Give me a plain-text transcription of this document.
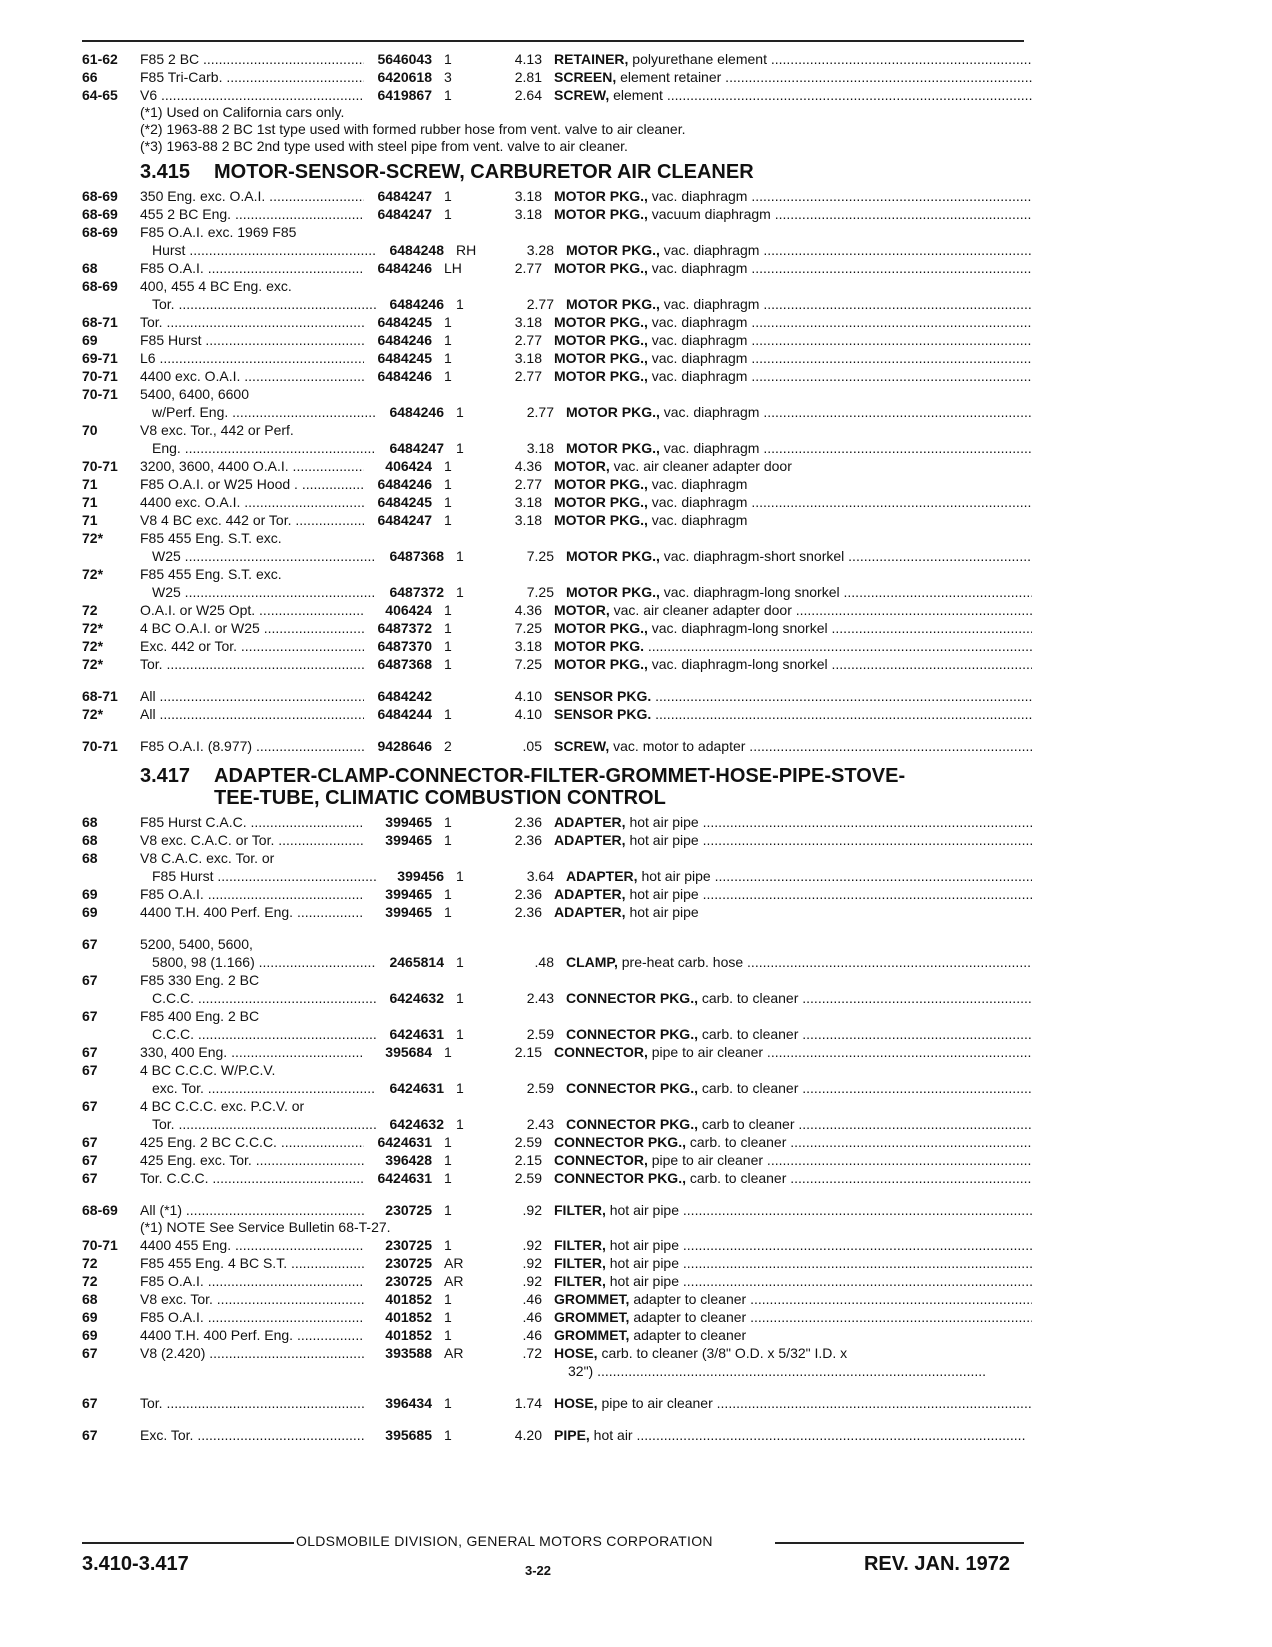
61-62	F85 2 BC .....	5646043 1	4.13 RETAINER, polyurethane element .....
66	F85 Tri-Carb. .....	6420618 3	2.81 SCREEN, element retainer .....
64-65	V6 .....	6419867 1	2.64 SCREW, element .....
(*1) Used on California cars only.
(*2) 1963-88 2 BC 1st type used with formed rubber hose from vent. valve to air cleaner.
(*3) 1963-88 2 BC 2nd type used with steel pipe from vent. valve to air cleaner.
3.415	MOTOR-SENSOR-SCREW, CARBURETOR AIR CLEANER
68-69	350 Eng. exc. O.A.I. .....	6484247 1	3.18 MOTOR PKG., vac. diaphragm .....
68-69	455 2 BC Eng. .....	6484247 1	3.18 MOTOR PKG., vacuum diaphragm .....
68-69	F85 O.A.I. exc. 1969 F85
Hurst .....	6484248 RH	3.28 MOTOR PKG., vac. diaphragm .....
68	F85 O.A.I. .....	6484246 LH	2.77 MOTOR PKG., vac. diaphragm .....
68-69	400, 455 4 BC Eng. exc.
Tor. .....	6484246 1	2.77 MOTOR PKG., vac. diaphragm .....
68-71	Tor. .....	6484245 1	3.18 MOTOR PKG., vac. diaphragm .....
69	F85 Hurst .....	6484246 1	2.77 MOTOR PKG., vac. diaphragm .....
69-71	L6 .....	6484245 1	3.18 MOTOR PKG., vac. diaphragm .....
70-71	4400 exc. O.A.I. .....	6484246 1	2.77 MOTOR PKG., vac. diaphragm .....
70-71	5400, 6400, 6600
w/Perf. Eng. .....	6484246 1	2.77 MOTOR PKG., vac. diaphragm .....
70	V8 exc. Tor., 442 or Perf.
Eng. .....	6484247 1	3.18 MOTOR PKG., vac. diaphragm .....
70-71	3200, 3600, 4400 O.A.I. .....	406424 1	4.36 MOTOR, vac. air cleaner adapter door
71	F85 O.A.I. or W25 Hood . .....	6484246 1	2.77 MOTOR PKG., vac. diaphragm
71	4400 exc. O.A.I. .....	6484245 1	3.18 MOTOR PKG., vac. diaphragm .....
71	V8 4 BC exc. 442 or Tor. .....	6484247 1	3.18 MOTOR PKG., vac. diaphragm
72*	F85 455 Eng. S.T. exc.
W25 .....	6487368 1	7.25 MOTOR PKG., vac. diaphragm-short snorkel .....
72*	F85 455 Eng. S.T. exc.
W25 .....	6487372 1	7.25 MOTOR PKG., vac. diaphragm-long snorkel .....
72	O.A.I. or W25 Opt. .....	406424 1	4.36 MOTOR, vac. air cleaner adapter door .....
72*	4 BC O.A.I. or W25 .....	6487372 1	7.25 MOTOR PKG., vac. diaphragm-long snorkel .....
72*	Exc. 442 or Tor. .....	6487370 1	3.18 MOTOR PKG. .....
72*	Tor. .....	6487368 1	7.25 MOTOR PKG., vac. diaphragm-long snorkel .....
68-71	All .....	6484242	4.10 SENSOR PKG. .....
72*	All .....	6484244 1	4.10 SENSOR PKG. .....
70-71	F85 O.A.I. (8.977) .....	9428646 2	.05 SCREW, vac. motor to adapter .....
3.417	ADAPTER-CLAMP-CONNECTOR-FILTER-GROMMET-HOSE-PIPE-STOVE-
TEE-TUBE, CLIMATIC COMBUSTION CONTROL
68	F85 Hurst C.A.C. .....	399465 1	2.36 ADAPTER, hot air pipe .....
68	V8 exc. C.A.C. or Tor. .....	399465 1	2.36 ADAPTER, hot air pipe .....
68	V8 C.A.C. exc. Tor. or
F85 Hurst .....	399456 1	3.64 ADAPTER, hot air pipe .....
69	F85 O.A.I. .....	399465 1	2.36 ADAPTER, hot air pipe .....
69	4400 T.H. 400 Perf. Eng. .....	399465 1	2.36 ADAPTER, hot air pipe
67	5200, 5400, 5600,
5800, 98 (1.166) .....	2465814 1	.48 CLAMP, pre-heat carb. hose .....
67	F85 330 Eng. 2 BC
C.C.C. .....	6424632 1	2.43 CONNECTOR PKG., carb. to cleaner .....
67	F85 400 Eng. 2 BC
C.C.C. .....	6424631 1	2.59 CONNECTOR PKG., carb. to cleaner .....
67	330, 400 Eng. .....	395684 1	2.15 CONNECTOR, pipe to air cleaner .....
67	4 BC C.C.C. W/P.C.V.
exc. Tor. .....	6424631 1	2.59 CONNECTOR PKG., carb. to cleaner .....
67	4 BC C.C.C. exc. P.C.V. or
Tor. .....	6424632 1	2.43 CONNECTOR PKG., carb to cleaner .....
67	425 Eng. 2 BC C.C.C. .....	6424631 1	2.59 CONNECTOR PKG., carb. to cleaner .....
67	425 Eng. exc. Tor. .....	396428 1	2.15 CONNECTOR, pipe to air cleaner .....
67	Tor. C.C.C. .....	6424631 1	2.59 CONNECTOR PKG., carb. to cleaner .....
68-69	All (*1) .....	230725 1	.92 FILTER, hot air pipe .....
(*1) NOTE See Service Bulletin 68-T-27.
70-71	4400 455 Eng. .....	230725 1	.92 FILTER, hot air pipe .....
72	F85 455 Eng. 4 BC S.T. .....	230725 AR	.92 FILTER, hot air pipe .....
72	F85 O.A.I. .....	230725 AR	.92 FILTER, hot air pipe .....
68	V8 exc. Tor. .....	401852 1	.46 GROMMET, adapter to cleaner .....
69	F85 O.A.I. .....	401852 1	.46 GROMMET, adapter to cleaner .....
69	4400 T.H. 400 Perf. Eng. .....	401852 1	.46 GROMMET, adapter to cleaner
67	V8 (2.420) .....	393588 AR	.72 HOSE, carb. to cleaner (3/8" O.D. x 5/32" I.D. x
32") .....
67	Tor. .....	396434 1	1.74 HOSE, pipe to air cleaner .....
67	Exc. Tor. .....	395685 1	4.20 PIPE, hot air .....
OLDSMOBILE DIVISION, GENERAL MOTORS CORPORATION
3.410-3.417	3-22	REV. JAN. 1972
